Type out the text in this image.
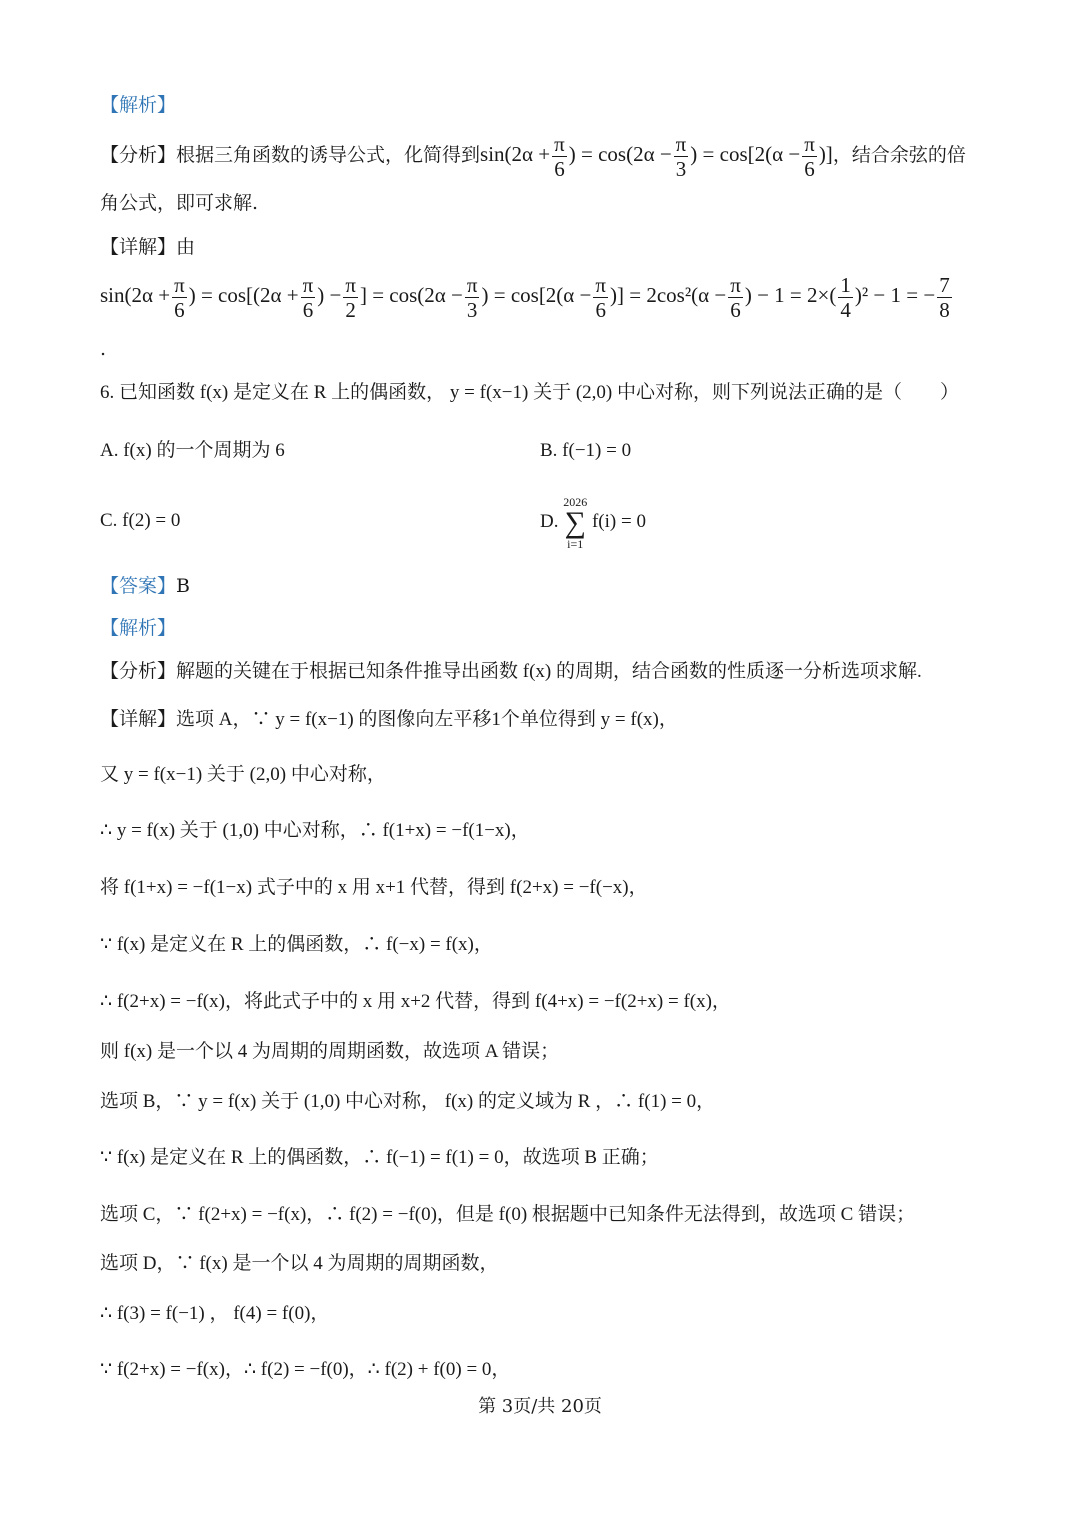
【解析】
【分析】根据三角函数的诱导公式，化简得到$\sin(2\alpha + \frac{\pi}{6}$ ) = $\cos(2\alpha - \frac{\pi}{3}$ ) = $\cos[2(\alpha - \frac{\pi}{6}$ )]，结合余弦的倍
角公式，即可求解.
【详解】由
$\sin(2\alpha + \frac{\pi}{6}$ ) = $\cos[(2\alpha + \frac{\pi}{6}$ ) − $\frac{\pi}{2}$ ] = $\cos(2\alpha - \frac{\pi}{3}$ ) = $\cos[2(\alpha - \frac{\pi}{6}$ )] = $2\cos^2(\alpha - \frac{\pi}{6}$ ) − $1 = 2\times( \frac{1}{4} )^2 - 1$ = − $\frac{7}{8}$
.
6. 已知函数 f(x) 是定义在 R 上的偶函数， y = f(x−1) 关于 (2,0) 中心对称，则下列说法正确的是（　　）
A. f(x) 的一个周期为 6	B. f(−1) = 0
C. f(2) = 0	D.
2026
∑
i=1
f(i) = 0
【答案】B
【解析】
【分析】解题的关键在于根据已知条件推导出函数 f(x) 的周期，结合函数的性质逐一分析选项求解.
【详解】选项 A，∵ y = f(x−1) 的图像向左平移1个单位得到 y = f(x)，
又 y = f(x−1) 关于 (2,0) 中心对称，
∴ y = f(x) 关于 (1,0) 中心对称，∴ f(1+x) = −f(1−x)，
将 f(1+x) = −f(1−x) 式子中的 x 用 x+1 代替，得到 f(2+x) = −f(−x)，
∵ f(x) 是定义在 R 上的偶函数，∴ f(−x) = f(x)，
∴ f(2+x) = −f(x)，将此式子中的 x 用 x+2 代替，得到 f(4+x) = −f(2+x) = f(x)，
则 f(x) 是一个以 4 为周期的周期函数，故选项 A 错误；
选项 B，∵ y = f(x) 关于 (1,0) 中心对称， f(x) 的定义域为 R ，∴ f(1) = 0，
∵ f(x) 是定义在 R 上的偶函数，∴ f(−1) = f(1) = 0，故选项 B 正确；
选项 C，∵ f(2+x) = −f(x)，∴ f(2) = −f(0)，但是 f(0) 根据题中已知条件无法得到，故选项 C 错误；
选项 D，∵ f(x) 是一个以 4 为周期的周期函数，
∴ f(3) = f(−1) ， f(4) = f(0)，
∵ f(2+x) = −f(x)，∴ f(2) = −f(0)，∴ f(2) + f(0) = 0，
第 3页/共 20页
